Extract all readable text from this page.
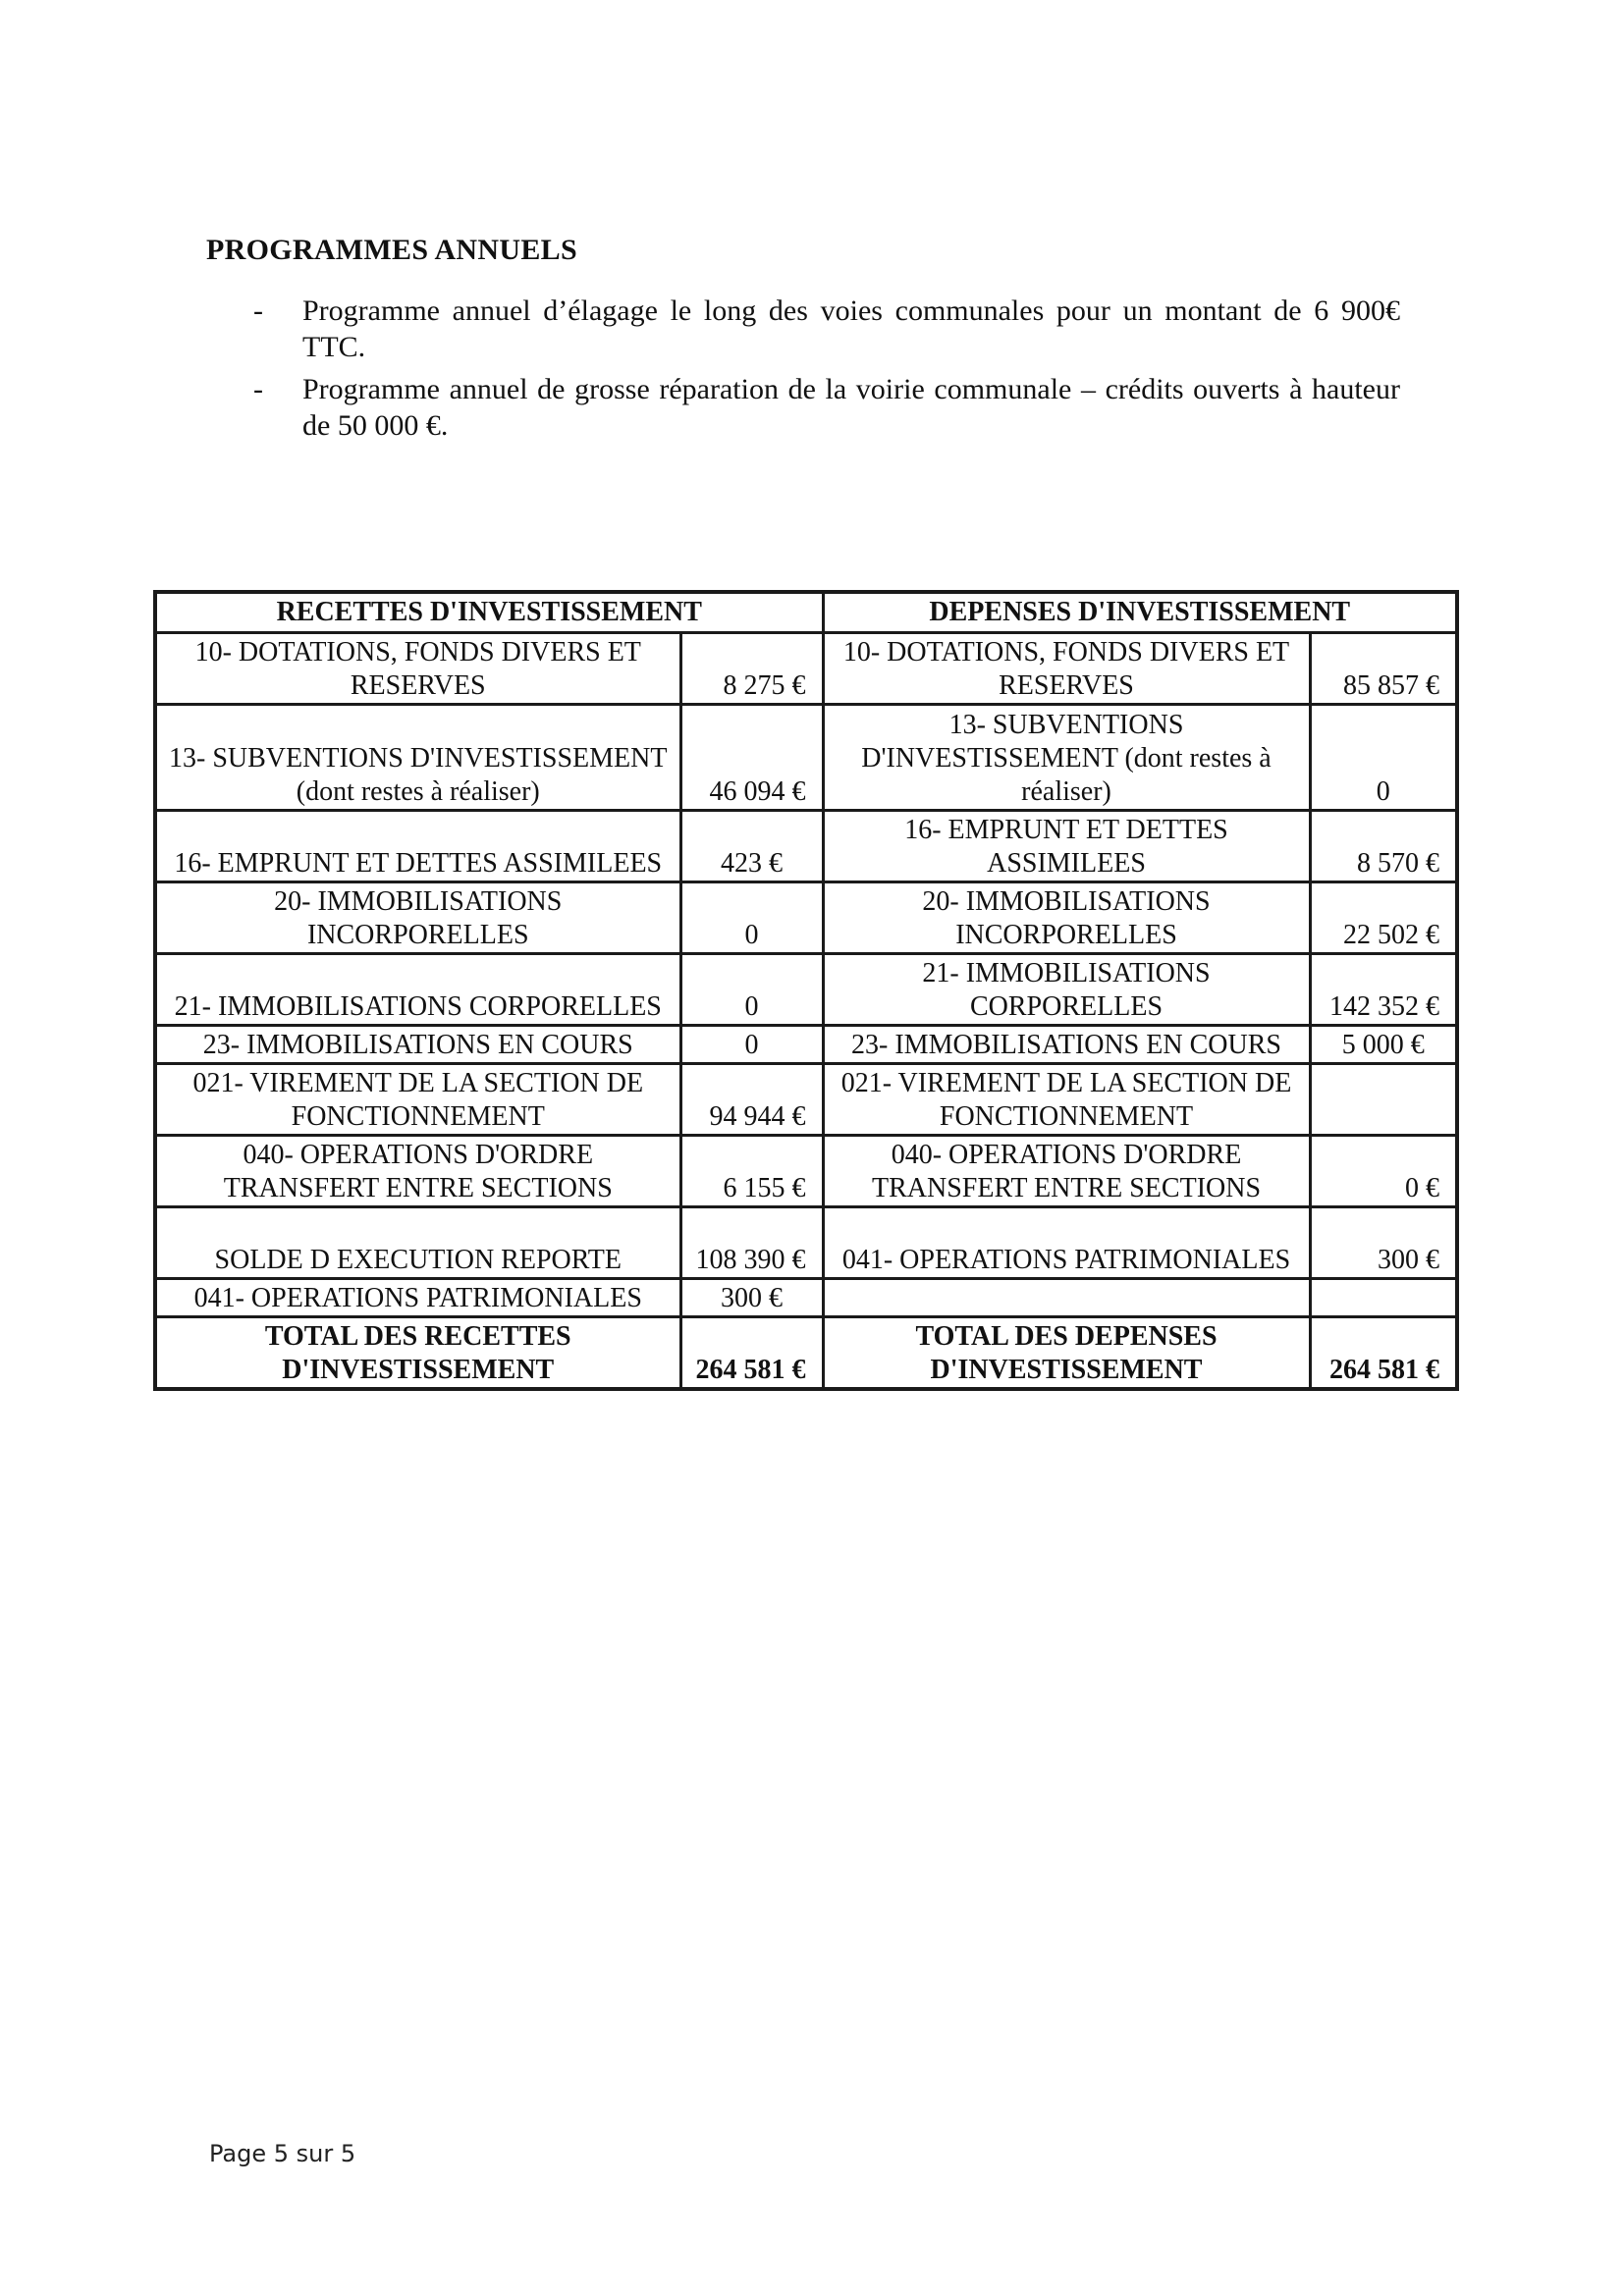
PROGRAMMES ANNUELS
- Programme annuel d’élagage le long des voies communales pour un montant de 6 900€ TTC.
- Programme annuel de grosse réparation de la voirie communale – crédits ouverts à hauteur de 50 000 €.
RECETTES D'INVESTISSEMENT		DEPENSES D'INVESTISSEMENT	
10- DOTATIONS, FONDS DIVERS ET RESERVES	8 275 €	10- DOTATIONS, FONDS DIVERS ET RESERVES	85 857 €
13- SUBVENTIONS D'INVESTISSEMENT (dont restes à réaliser)	46 094 €	13- SUBVENTIONS D'INVESTISSEMENT (dont restes à réaliser)	0
16- EMPRUNT ET DETTES ASSIMILEES	423 €	16- EMPRUNT ET DETTES ASSIMILEES	8 570 €
20- IMMOBILISATIONS INCORPORELLES	0	20- IMMOBILISATIONS INCORPORELLES	22 502 €
21- IMMOBILISATIONS CORPORELLES	0	21- IMMOBILISATIONS CORPORELLES	142 352 €
23- IMMOBILISATIONS EN COURS	0	23- IMMOBILISATIONS EN COURS	5 000 €
021- VIREMENT DE LA SECTION DE FONCTIONNEMENT	94 944 €	021- VIREMENT DE LA SECTION DE FONCTIONNEMENT	
040- OPERATIONS D'ORDRE TRANSFERT ENTRE SECTIONS	6 155 €	040- OPERATIONS D'ORDRE TRANSFERT ENTRE SECTIONS	0 €
SOLDE D EXECUTION REPORTE	108 390 €	041- OPERATIONS PATRIMONIALES	300 €
041- OPERATIONS PATRIMONIALES	300 €		
TOTAL DES RECETTES D'INVESTISSEMENT	264 581 €	TOTAL DES DEPENSES D'INVESTISSEMENT	264 581 €
Page 5 sur 5
